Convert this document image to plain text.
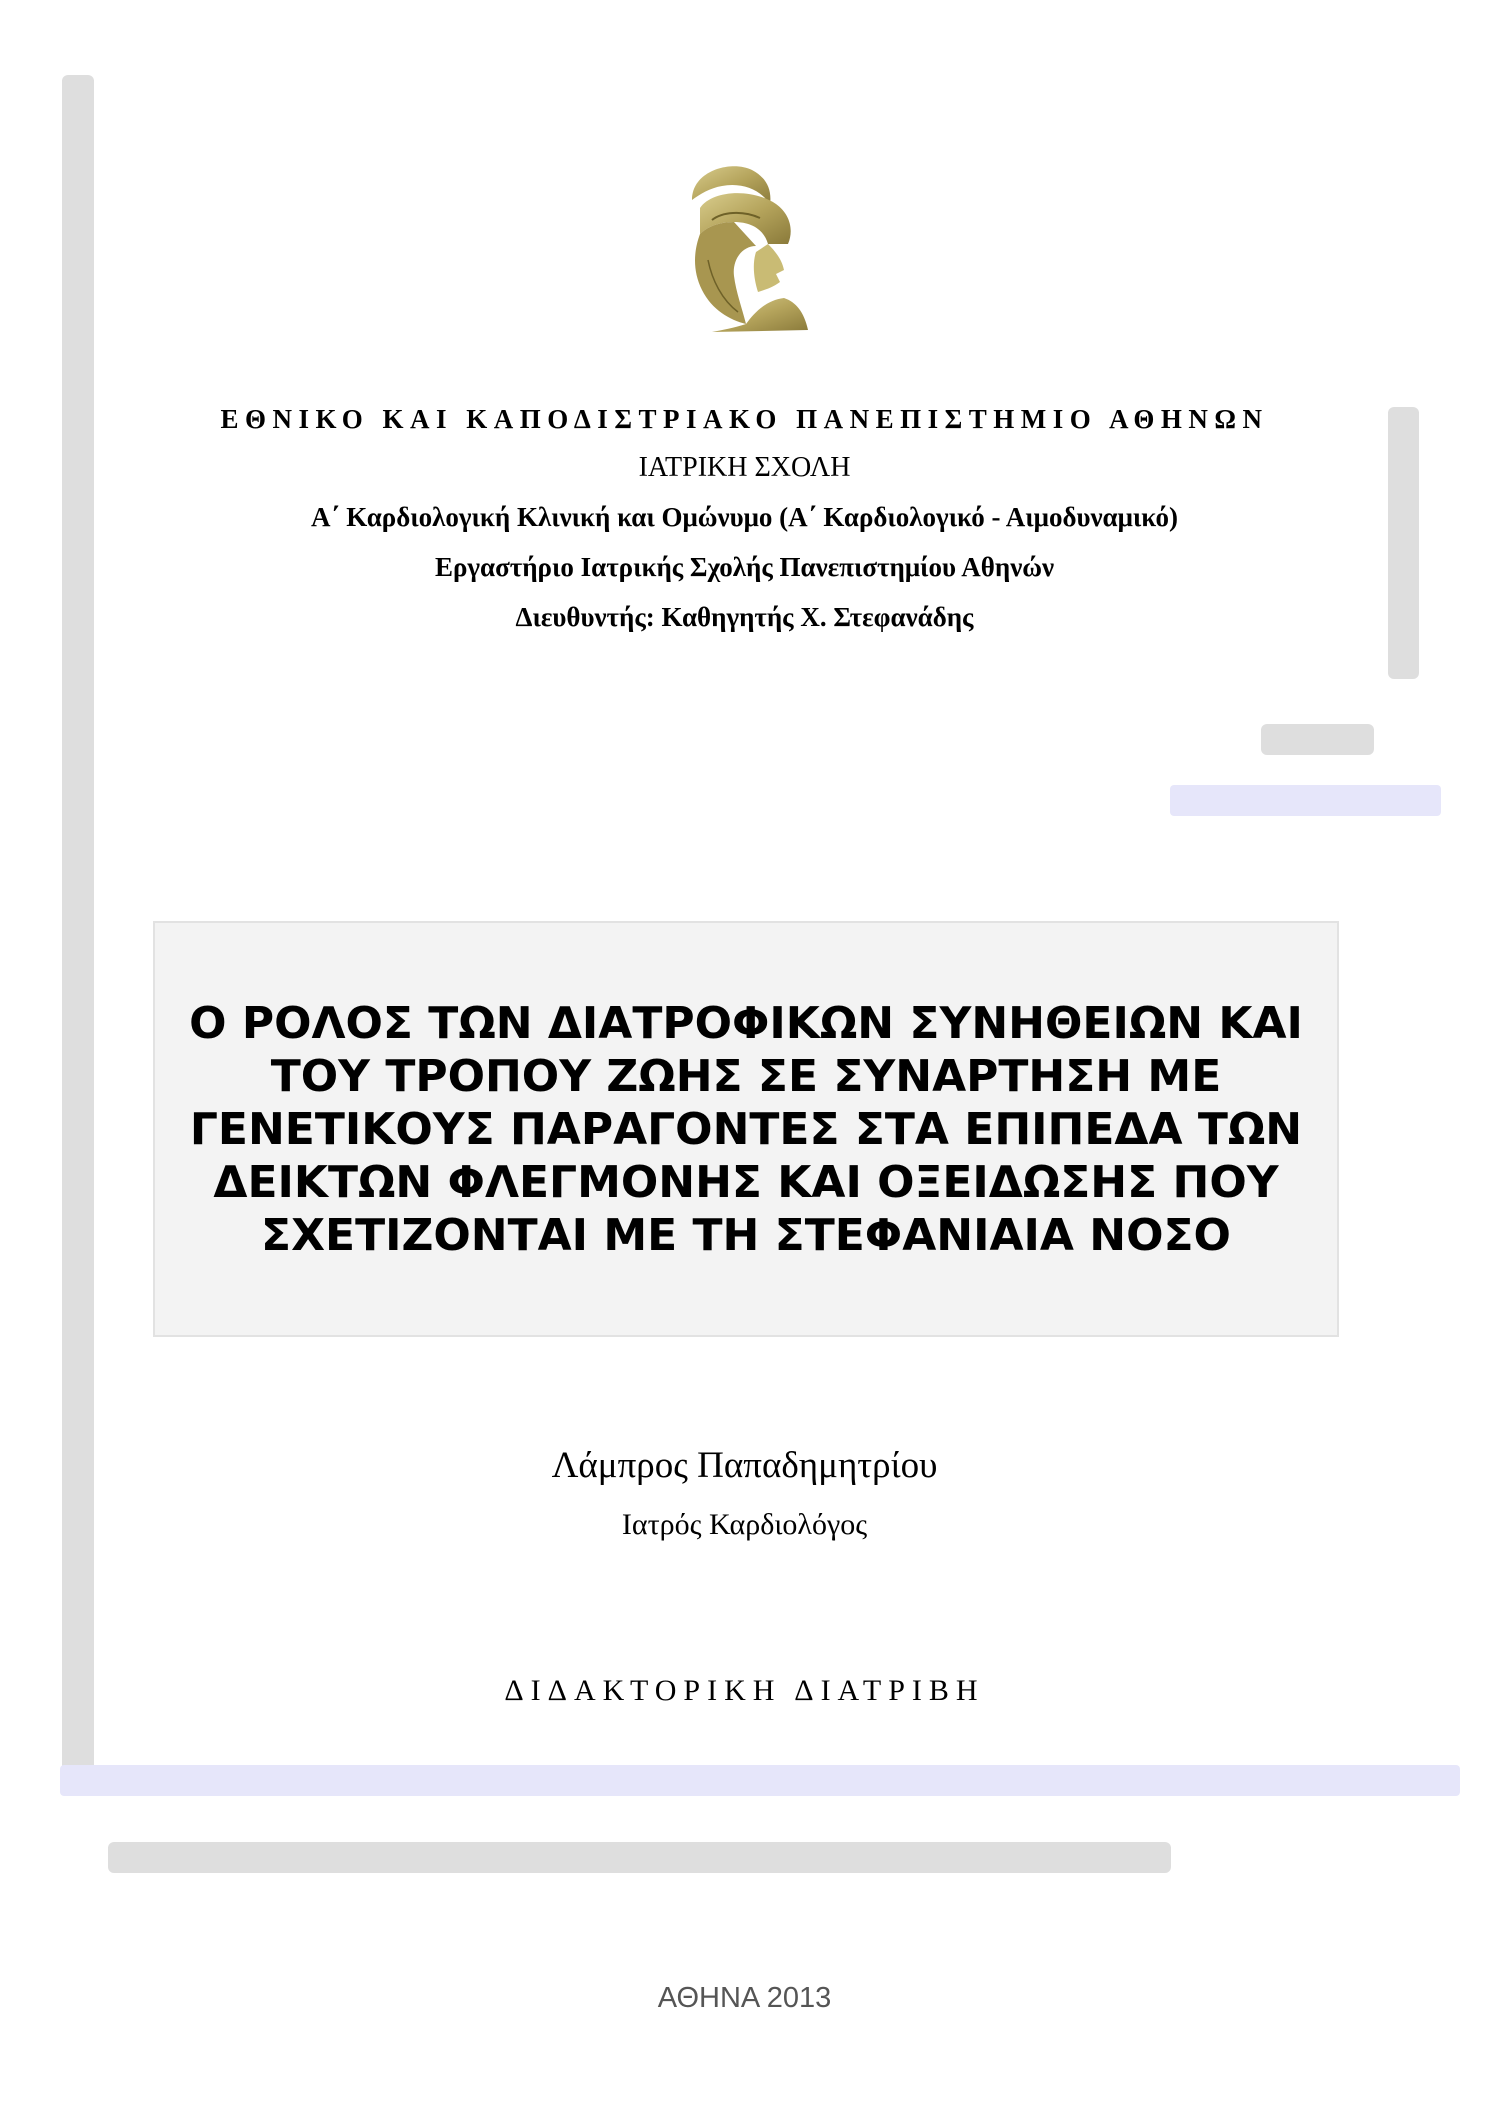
ΕΘΝΙΚΟ ΚΑΙ ΚΑΠΟΔΙΣΤΡΙΑΚΟ ΠΑΝΕΠΙΣΤΗΜΙΟ ΑΘΗΝΩΝ
ΙΑΤΡΙΚΗ ΣΧΟΛΗ
Α΄ Καρδιολογική Κλινική και Ομώνυμο (Α΄ Καρδιολογικό - Αιμοδυναμικό)
Εργαστήριο Ιατρικής Σχολής Πανεπιστημίου Αθηνών
Διευθυντής: Καθηγητής Χ. Στεφανάδης
Ο ΡΟΛΟΣ ΤΩΝ ΔΙΑΤΡΟΦΙΚΩΝ ΣΥΝΗΘΕΙΩΝ ΚΑΙ
ΤΟΥ ΤΡΟΠΟΥ ΖΩΗΣ ΣΕ ΣΥΝΑΡΤΗΣΗ ΜΕ
ΓΕΝΕΤΙΚΟΥΣ ΠΑΡΑΓΟΝΤΕΣ ΣΤΑ ΕΠΙΠΕΔΑ ΤΩΝ
ΔΕΙΚΤΩΝ ΦΛΕΓΜΟΝΗΣ ΚΑΙ ΟΞΕΙΔΩΣΗΣ ΠΟΥ
ΣΧΕΤΙΖΟΝΤΑΙ ΜΕ ΤΗ ΣΤΕΦΑΝΙΑΙΑ ΝΟΣΟ
Λάμπρος Παπαδημητρίου
Ιατρός Καρδιολόγος
ΔΙΔΑΚΤΟΡΙΚΗ ΔΙΑΤΡΙΒΗ
ΑΘΗΝΑ 2013
